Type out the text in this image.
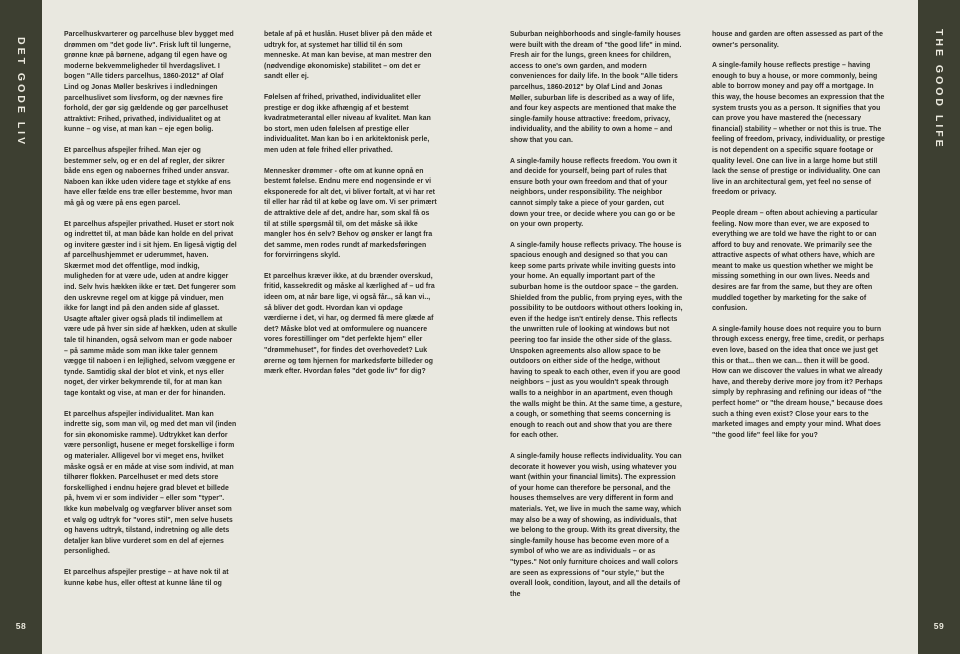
DET GODE LIV
58
THE GOOD LIFE
59

Parcelhuskvarterer og parcelhuse blev bygget med drømmen om "det gode liv". Frisk luft til lungerne, grønne knæ på børnene, adgang til egen have og moderne bekvemmeligheder til hverdagslivet. I bogen "Alle tiders parcelhus, 1860-2012" af Olaf Lind og Jonas Møller beskrives i indledningen parcelhuslivet som livsform, og der nævnes fire forhold, der gør sig gældende og gør parcelhuset attraktivt: Frihed, privathed, individualitet og at kunne – og vise, at man kan – eje egen bolig.

Et parcelhus afspejler frihed. Man ejer og bestemmer selv, og er en del af regler, der sikrer både ens egen og naboernes frihed under ansvar. Naboen kan ikke uden videre tage et stykke af ens have eller fælde ens træ eller bestemme, hvor man må gå og være på ens egen parcel.

Et parcelhus afspejler privathed. Huset er stort nok og indrettet til, at man både kan holde en del privat og invitere gæster ind i sit hjem. En ligeså vigtig del af parcelhushjemmet er uderummet, haven. Skærmet mod det offentlige, mod indkig, muligheden for at være ude, uden at andre kigger ind. Selv hvis hækken ikke er tæt. Det fungerer som den uskrevne regel om at kigge på vinduer, men ikke for langt ind på den anden side af glasset. Usagte aftaler giver også plads til indimellem at være ude på hver sin side af hækken, uden at skulle tale til hinanden, også selvom man er gode naboer – på samme måde som man ikke taler gennem vægge til naboen i en lejlighed, selvom væggene er tynde. Samtidig skal der blot et vink, et nys eller noget, der virker bekymrende til, for at man kan tage kontakt og vise, at man er der for hinanden.

Et parcelhus afspejler individualitet. Man kan indrette sig, som man vil, og med det man vil (inden for sin økonomiske ramme). Udtrykket kan derfor være personligt, husene er meget forskellige i form og materialer. Alligevel bor vi meget ens, hvilket måske også er en måde at vise som individ, at man tilhører flokken. Parcelhuset er med dets store forskellighed i endnu højere grad blevet et billede på, hvem vi er som individer – eller som "typer". Ikke kun møbelvalg og vægfarver bliver anset som et valg og udtryk for "vores stil", men selve husets og havens udtryk, tilstand, indretning og alle dets detaljer kan blive vurderet som en del af ejernes personlighed.

Et parcelhus afspejler prestige – at have nok til at kunne købe hus, eller oftest at kunne låne til og

betale af på et huslån. Huset bliver på den måde et udtryk for, at systemet har tillid til én som menneske. At man kan bevise, at man mestrer den (nødvendige økonomiske) stabilitet – om det er sandt eller ej.

Følelsen af frihed, privathed, individualitet eller prestige er dog ikke afhængig af et bestemt kvadratmeterantal eller niveau af kvalitet. Man kan bo stort, men uden følelsen af prestige eller individualitet. Man kan bo i en arkitektonisk perle, men uden at føle frihed eller privathed.

Mennesker drømmer - ofte om at kunne opnå en bestemt følelse. Endnu mere end nogensinde er vi eksponerede for alt det, vi bliver fortalt, at vi har ret til eller har råd til at købe og lave om. Vi ser primært de attraktive dele af det, andre har, som skal få os til at stille spørgsmål til, om det måske så ikke mangler hos én selv? Behov og ønsker er langt fra det samme, men rodes rundt af markedsføringen for forvirringens skyld.

Et parcelhus kræver ikke, at du brænder overskud, fritid, kassekredit og måske al kærlighed af – ud fra ideen om, at når bare lige, vi også får.., så kan vi.., så bliver det godt. Hvordan kan vi opdage værdierne i det, vi har, og dermed få mere glæde af det? Måske blot ved at omformulere og nuancere vores forestillinger om "det perfekte hjem" eller "drømmehuset", for findes det overhovedet? Luk ørerne og tøm hjernen for markedsførte billeder og mærk efter. Hvordan føles "det gode liv" for dig?

Suburban neighborhoods and single-family houses were built with the dream of "the good life" in mind. Fresh air for the lungs, green knees for children, access to one's own garden, and modern conveniences for daily life. In the book "Alle tiders parcelhus, 1860-2012" by Olaf Lind and Jonas Møller, suburban life is described as a way of life, and four key aspects are mentioned that make the single-family house attractive: freedom, privacy, individuality, and the ability to own a home – and show that you can.

A single-family house reflects freedom. You own it and decide for yourself, being part of rules that ensure both your own freedom and that of your neighbors, under responsibility. The neighbor cannot simply take a piece of your garden, cut down your tree, or decide where you can go or be on your own property.

A single-family house reflects privacy. The house is spacious enough and designed so that you can keep some parts private while inviting guests into your home. An equally important part of the suburban home is the outdoor space – the garden. Shielded from the public, from prying eyes, with the possibility to be outdoors without others looking in, even if the hedge isn't entirely dense. This reflects the unwritten rule of looking at windows but not peering too far inside the other side of the glass. Unspoken agreements also allow space to be outdoors on either side of the hedge, without having to speak to each other, even if you are good neighbors – just as you wouldn't speak through walls to a neighbor in an apartment, even though the walls might be thin. At the same time, a gesture, a cough, or something that seems concerning is enough to reach out and show that you are there for each other.

A single-family house reflects individuality. You can decorate it however you wish, using whatever you want (within your financial limits). The expression of your home can therefore be personal, and the houses themselves are very different in form and materials. Yet, we live in much the same way, which may also be a way of showing, as individuals, that we belong to the group. With its great diversity, the single-family house has become even more of a symbol of who we are as individuals – or as "types." Not only furniture choices and wall colors are seen as expressions of "our style," but the overall look, condition, layout, and all the details of the

house and garden are often assessed as part of the owner's personality.

A single-family house reflects prestige – having enough to buy a house, or more commonly, being able to borrow money and pay off a mortgage. In this way, the house becomes an expression that the system trusts you as a person. It signifies that you can prove you have mastered the (necessary financial) stability – whether or not this is true. The feeling of freedom, privacy, individuality, or prestige is not dependent on a specific square footage or quality level. One can live in a large home but still lack the sense of prestige or individuality. One can live in an architectural gem, yet feel no sense of freedom or privacy.

People dream – often about achieving a particular feeling. Now more than ever, we are exposed to everything we are told we have the right to or can afford to buy and renovate. We primarily see the attractive aspects of what others have, which are meant to make us question whether we might be missing something in our own lives. Needs and desires are far from the same, but they are often muddled together by marketing for the sake of confusion.

A single-family house does not require you to burn through excess energy, free time, credit, or perhaps even love, based on the idea that once we just get this or that... then we can... then it will be good. How can we discover the values in what we already have, and thereby derive more joy from it? Perhaps simply by rephrasing and refining our ideas of "the perfect home" or "the dream house," because does such a thing even exist? Close your ears to the marketed images and empty your mind. What does "the good life" feel like for you?
